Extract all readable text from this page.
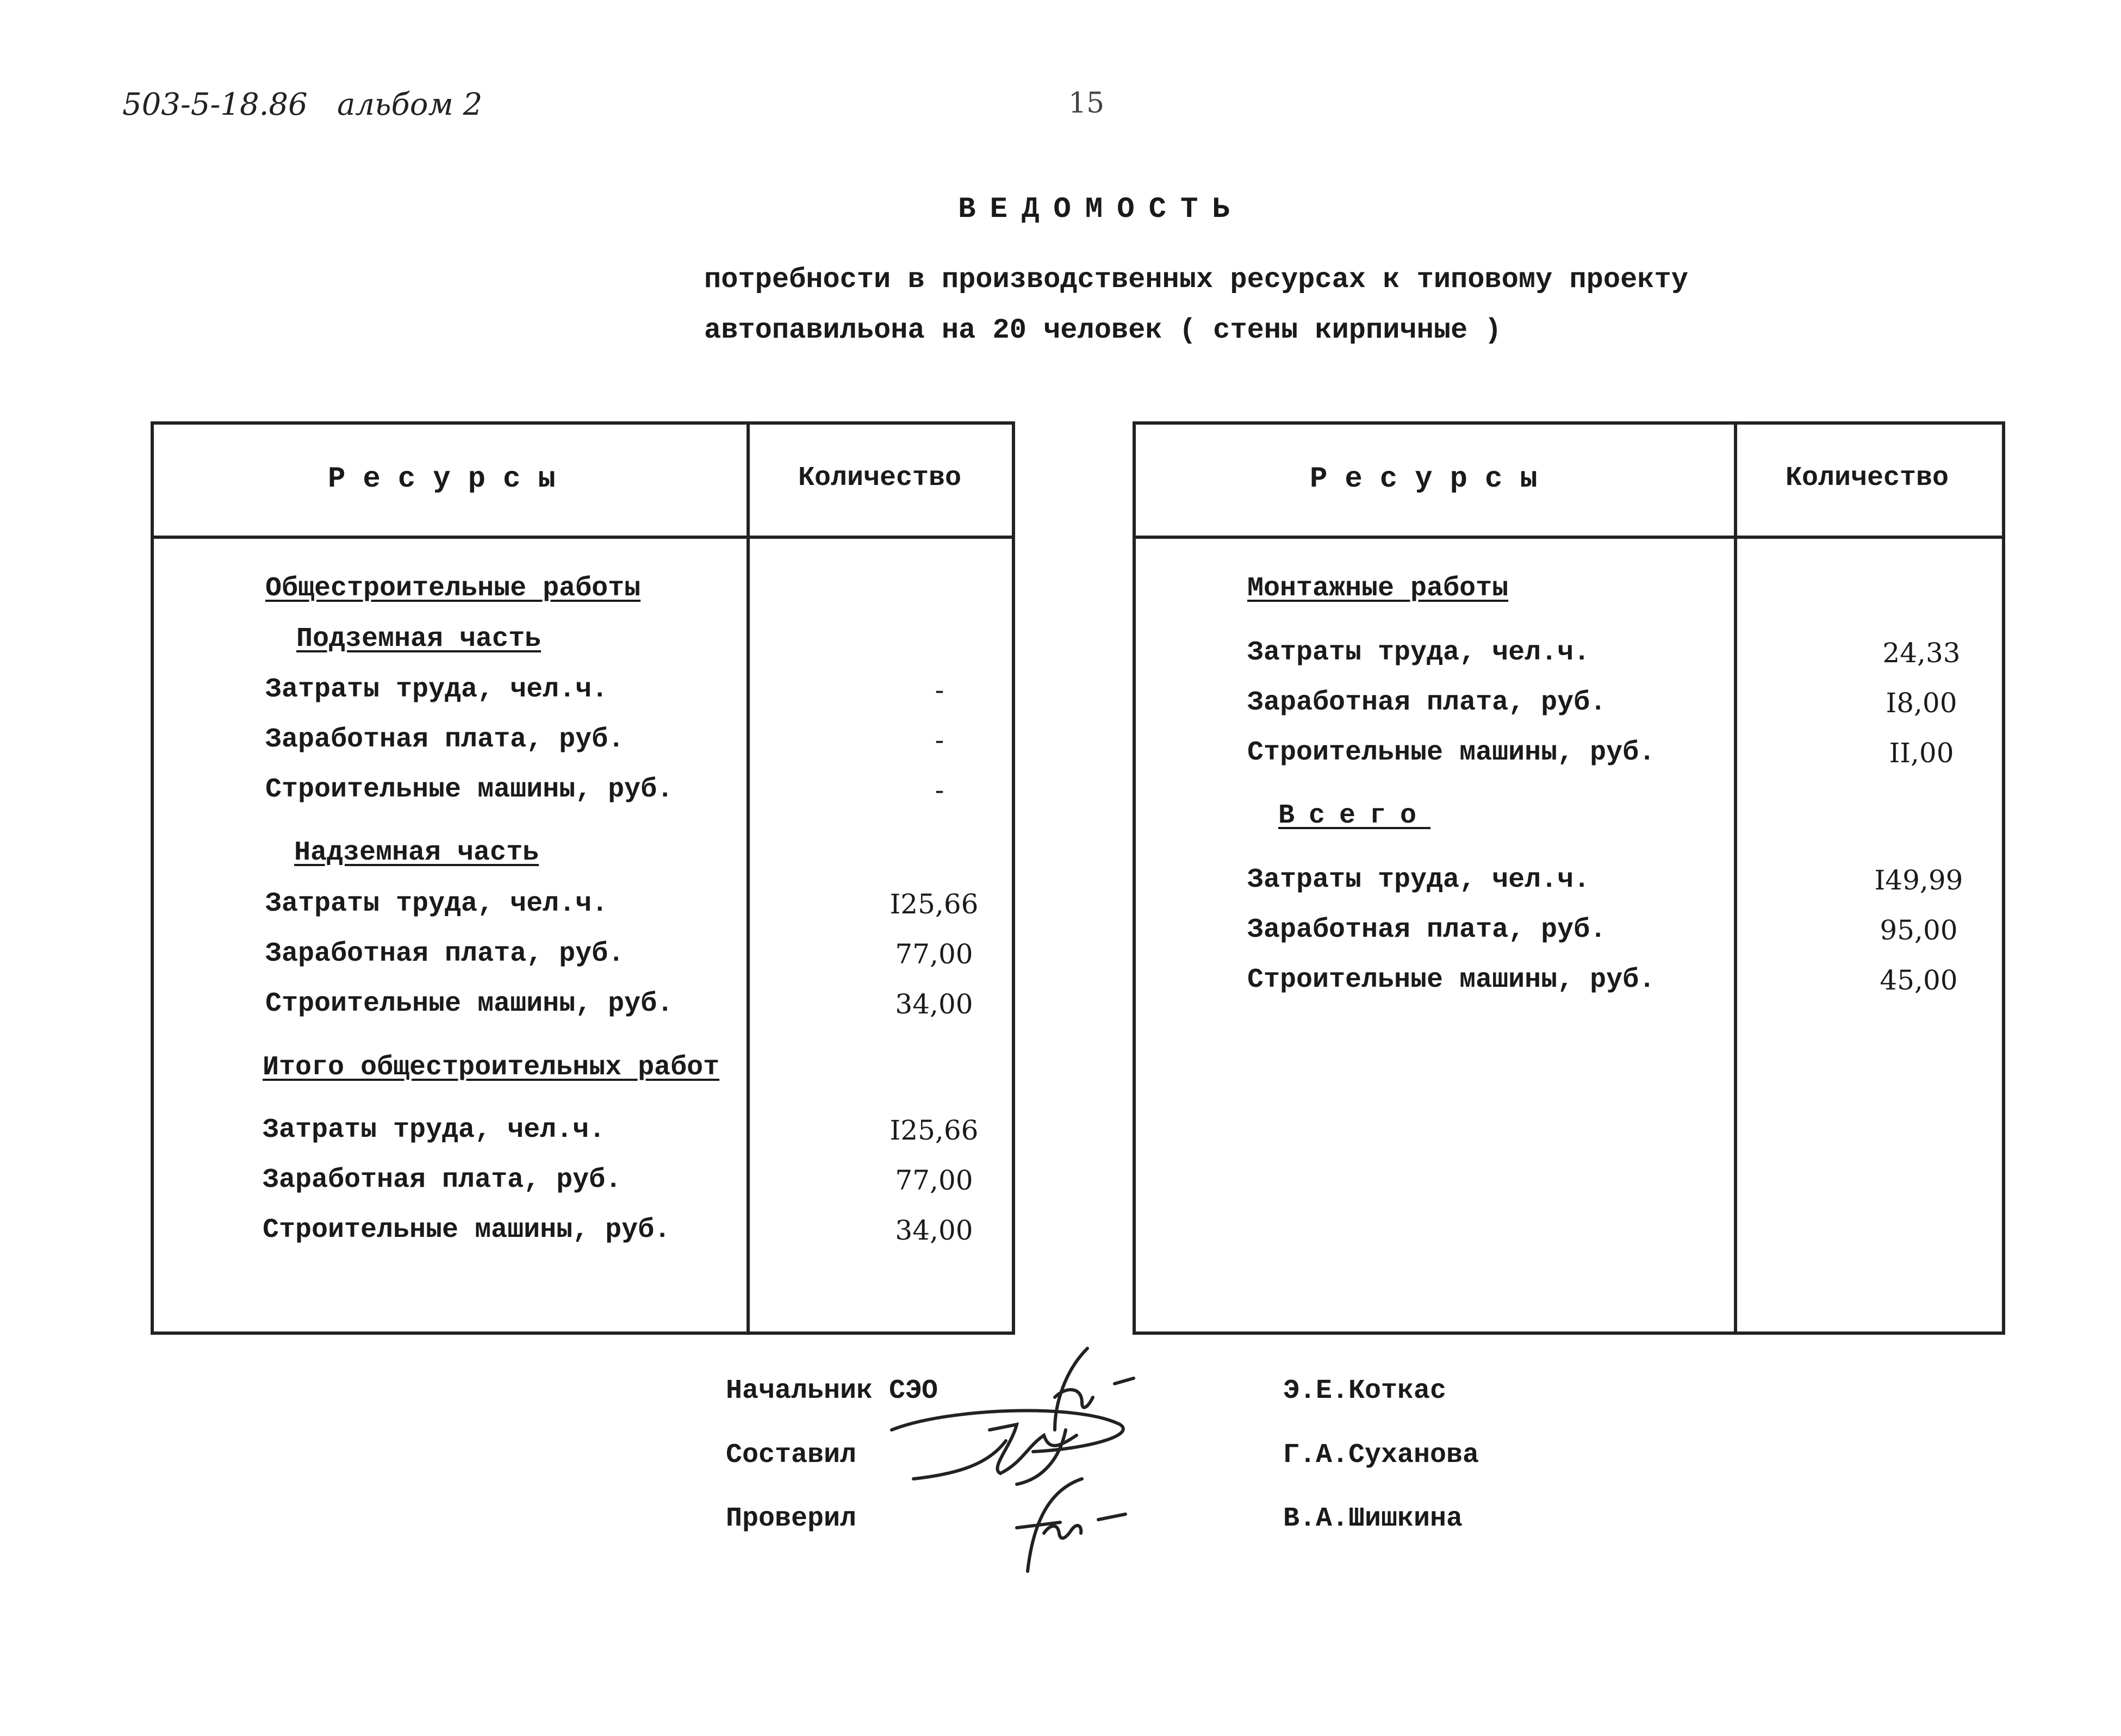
503-5-18.86 альбом 2	15
ВЕДОМОСТЬ
потребности в производственных ресурсах к типовому проекту
автопавильона на 20 человек ( стены кирпичные )
Ресурсы	Количество
Общестроительные работы
Подземная часть
Затраты труда, чел.ч.	-
Заработная плата, руб.	-
Строительные машины, руб.	-
Надземная часть
Затраты труда, чел.ч.	I25,66
Заработная плата, руб.	77,00
Строительные машины, руб.	34,00
Итого общестроительных работ
Затраты труда, чел.ч.	I25,66
Заработная плата, руб.	77,00
Строительные машины, руб.	34,00
Ресурсы	Количество
Монтажные работы
Затраты труда, чел.ч.	24,33
Заработная плата, руб.	I8,00
Строительные машины, руб.	II,00
Всего
Затраты труда, чел.ч.	I49,99
Заработная плата, руб.	95,00
Строительные машины, руб.	45,00
Начальник СЭО
Составил
Проверил
Э.Е.Коткас
Г.А.Суханова
В.А.Шишкина
